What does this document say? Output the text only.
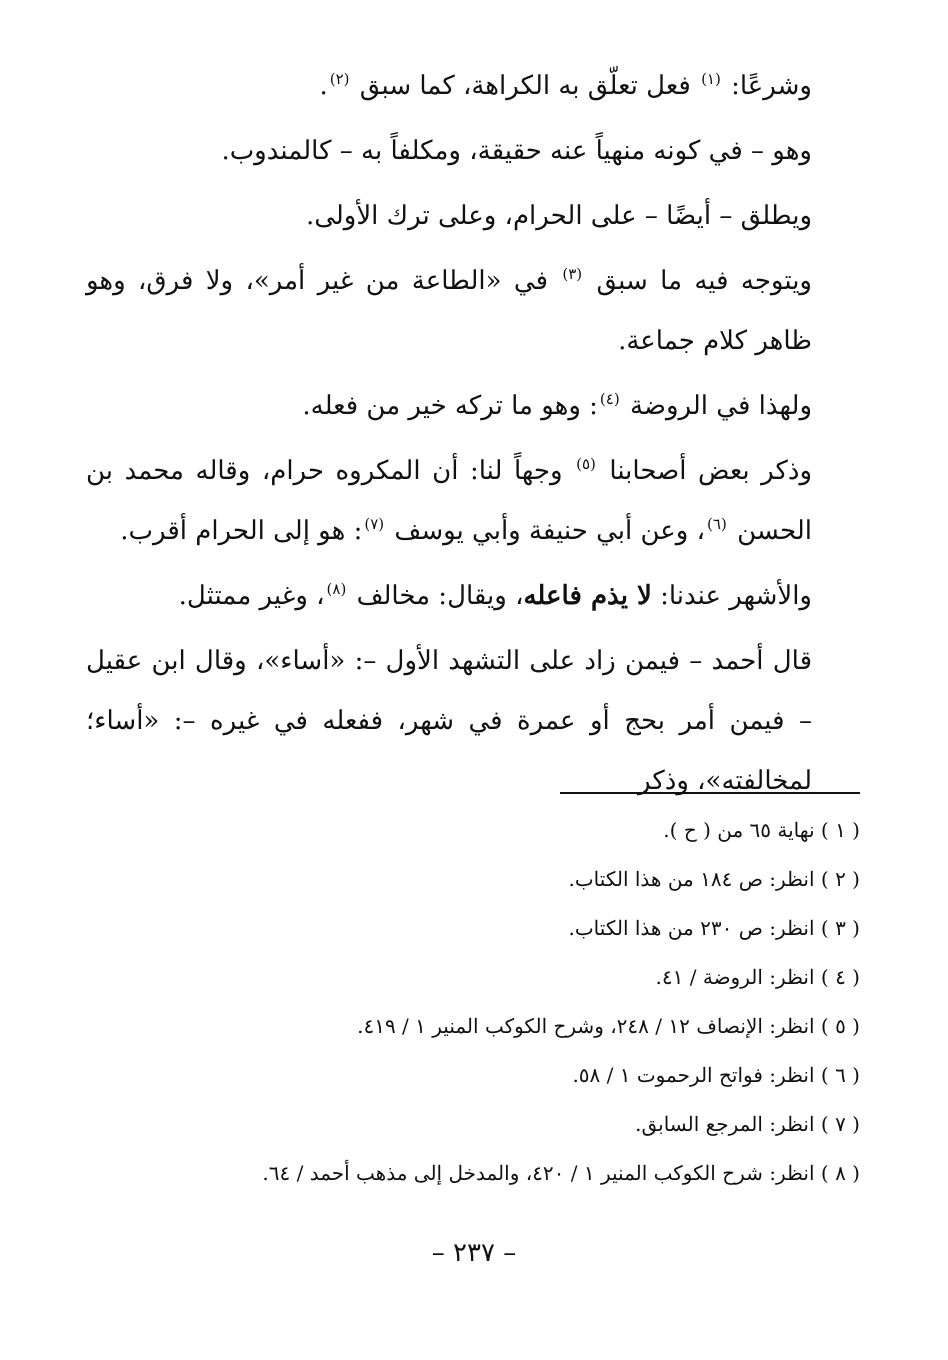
وشرعًا: $^{(١)}$ فعل تعلّق به الكراهة، كما سبق $^{(٢)}$.

وهو – في كونه منهياً عنه حقيقة، ومكلفاً به – كالمندوب.

ويطلق – أيضًا – على الحرام، وعلى ترك الأولى.

ويتوجه فيه ما سبق $^{(٣)}$ في «الطاعة من غير أمر»، ولا فرق، وهو ظاهر كلام جماعة.

ولهذا في الروضة $^{(٤)}$: وهو ما تركه خير من فعله.

وذكر بعض أصحابنا $^{(٥)}$ وجهاً لنا: أن المكروه حرام، وقاله محمد بن الحسن $^{(٦)}$، وعن أبي حنيفة وأبي يوسف $^{(٧)}$: هو إلى الحرام أقرب.

والأشهر عندنا: لا يذم فاعله، ويقال: مخالف $^{(٨)}$، وغير ممتثل.

قال أحمد – فيمن زاد على التشهد الأول –: «أساء»، وقال ابن عقيل – فيمن أمر بحج أو عمرة في شهر، ففعله في غيره –: «أساء؛ لمخالفته»، وذكر

( ١ ) نهاية ٦٥ من ( ح ).

( ٢ ) انظر: ص ١٨٤ من هذا الكتاب.

( ٣ ) انظر: ص ٢٣٠ من هذا الكتاب.

( ٤ ) انظر: الروضة / ٤١.

( ٥ ) انظر: الإنصاف ١٢ / ٢٤٨، وشرح الكوكب المنير ١ / ٤١٩.

( ٦ ) انظر: فواتح الرحموت ١ / ٥٨.

( ٧ ) انظر: المرجع السابق.

( ٨ ) انظر: شرح الكوكب المنير ١ / ٤٢٠، والمدخل إلى مذهب أحمد / ٦٤.

– ٢٣٧ –
